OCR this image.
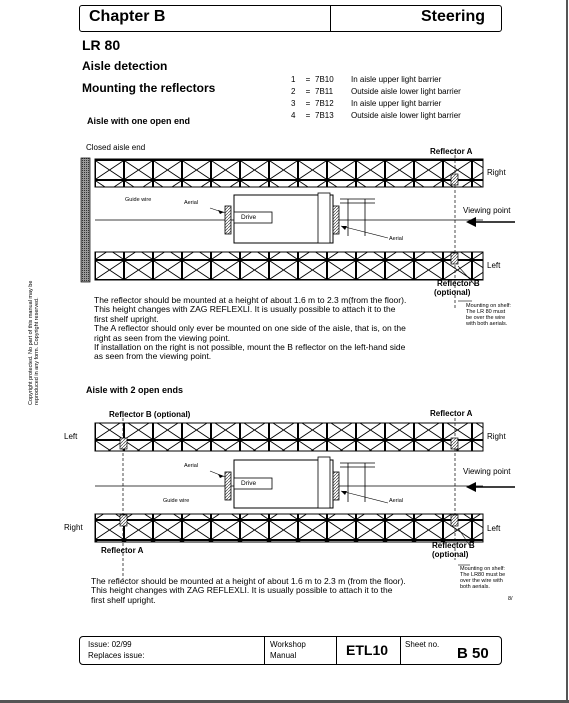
Chapter B	Steering
LR 80
Aisle detection
Mounting the reflectors
1 = 7B10 In aisle upper light barrier
2 = 7B11 Outside aisle lower light barrier
3 = 7B12 In aisle upper light barrier
4 = 7B13 Outside aisle lower light barrier
Aisle with one open end
Closed aisle end	Reflector A
Right
Left
Viewing point
Guide wire	Aerial
Aerial
Drive
Reflector B
(optional)
Mounting on shelf:
The LR 80 must
be over the wire
with both aerials.
The reflector should be mounted at a height of about 1.6 m to 2.3 m(from the floor).
This height changes with ZAG REFLEXLI. It is usually possible to attach it to the
first shelf upright.
The A reflector should only ever be mounted on one side of the aisle, that is, on the
right as seen from the viewing point.
If installation on the right is not possible, mount the B reflector on the left-hand side
as seen from the viewing point.
Copyright protected. No part of this manual may be reproduced in any form. Copyright reserved.	Aisle with 2 open ends
Reflector B (optional)	Reflector A
Left	Right
Right	Left
Viewing point
Guide wire
Aerial
Aerial
Drive
Reflector A
Reflector B
(optional)
Mounting on shelf:
The LR80 must be
over the wire with
both aerials.
The reflector should be mounted at a height of about 1.6 m to 2.3 m (from the floor).
This height changes with ZAG REFLEXLI. It is usually possible to attach it to the
first shelf upright.	8/
Issue: 02/99
Replaces issue:
Workshop
Manual	ETL10 Sheet no.
B 50
